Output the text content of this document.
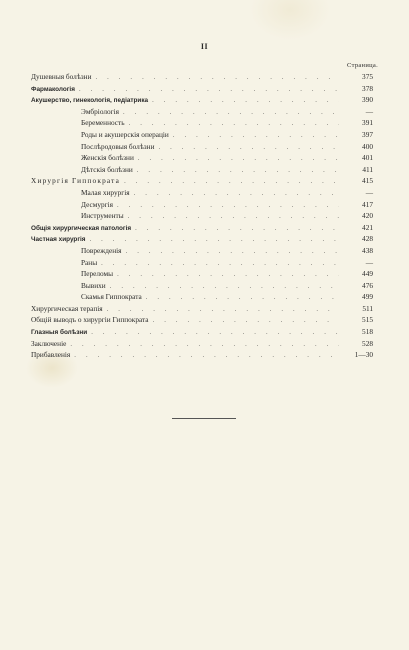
II
Страница.
Душевныя болѣзни . . .	375
Фармакологія . . .	378
Акушерство, гинекологія, педіатрика . . .	390
Эмбріологія . . .	—
Беременность . . .	391
Роды и акушерскія операціи . . .	397
Послѣродовыя болѣзни . . .	400
Женскія болѣзни . . .	401
Дѣтскія болѣзни . . .	411
Хирургія Гиппократа . . .	415
Малая хирургія . . .	—
Десмургія . . .	417
Инструменты . . .	420
Общія хирургическая патологія . . .	421
Частная хирургія . . .	428
Поврежденія . . .	438
Раны . . .	—
Переломы . . .	449
Вывихи . . .	476
Скамья Гиппократа . . .	499
Хирургическая терапія . . .	511
Общій выводъ о хирургіи Гиппократа . . .	515
Глазныя болѣзни . . .	518
Заключеніе . . .	528
Прибавленія . . .	1—30
